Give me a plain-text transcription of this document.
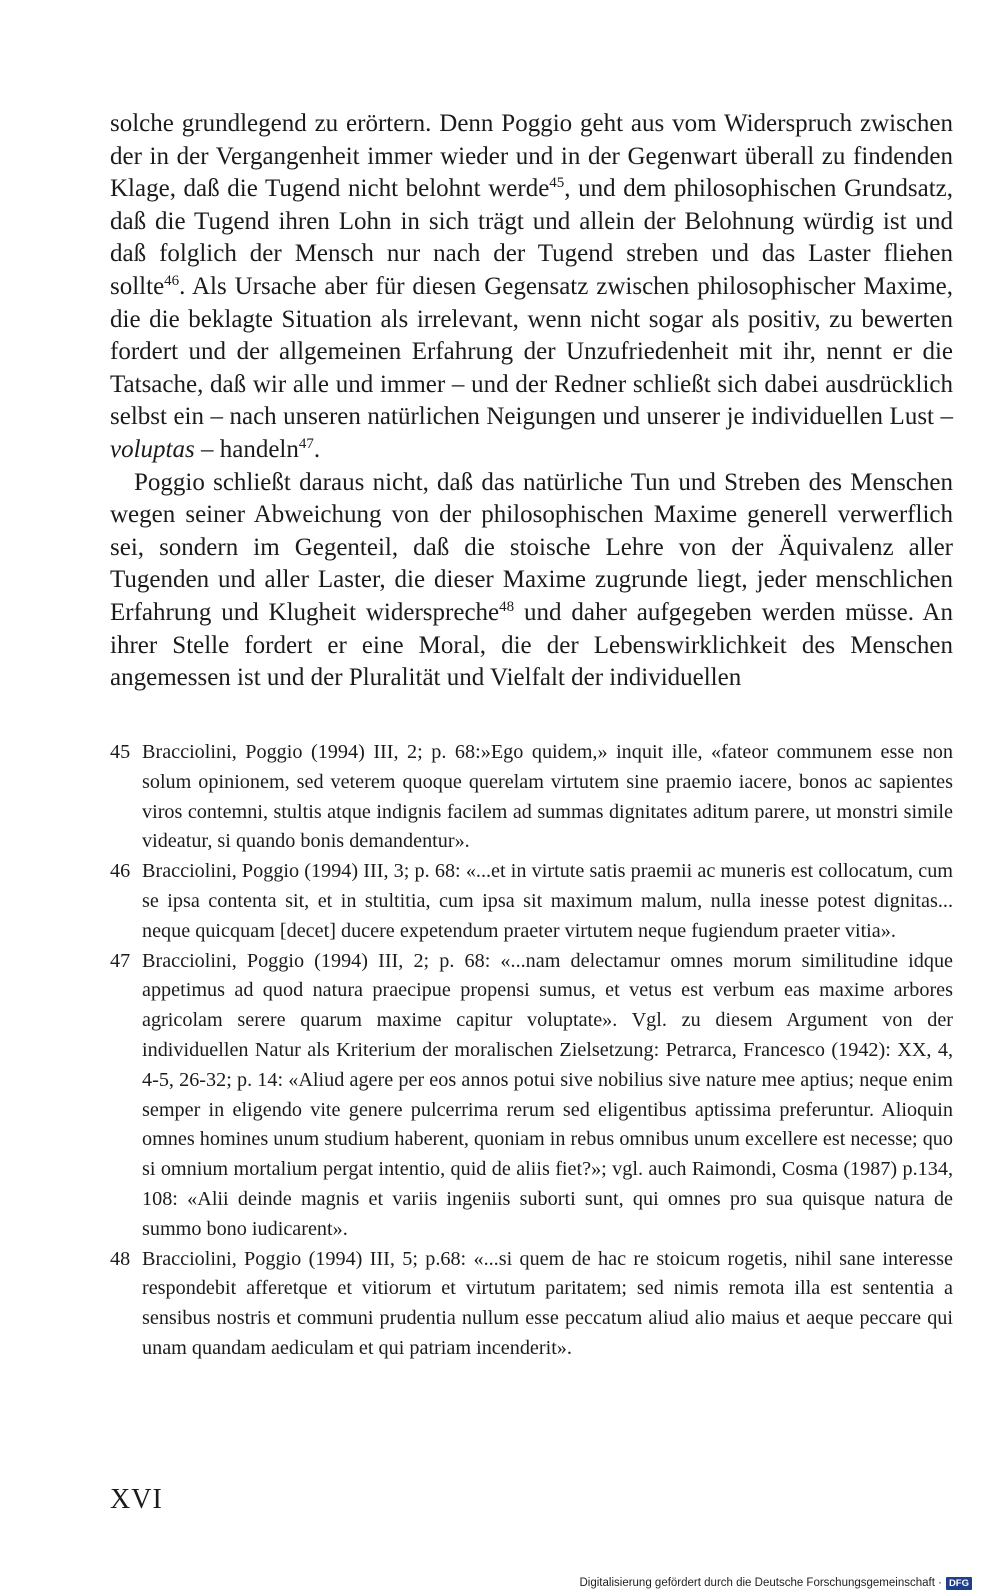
solche grundlegend zu erörtern. Denn Poggio geht aus vom Widerspruch zwischen der in der Vergangenheit immer wieder und in der Gegenwart überall zu findenden Klage, daß die Tugend nicht belohnt werde$^{45}$, und dem philosophischen Grundsatz, daß die Tugend ihren Lohn in sich trägt und allein der Belohnung würdig ist und daß folglich der Mensch nur nach der Tugend streben und das Laster fliehen sollte$^{46}$. Als Ursache aber für diesen Gegensatz zwischen philosophischer Maxime, die die beklagte Situation als irrelevant, wenn nicht sogar als positiv, zu bewerten fordert und der allgemeinen Erfahrung der Unzufriedenheit mit ihr, nennt er die Tatsache, daß wir alle und immer – und der Redner schließt sich dabei ausdrücklich selbst ein – nach unseren natürlichen Neigungen und unserer je individuellen Lust – voluptas – handeln$^{47}$.

Poggio schließt daraus nicht, daß das natürliche Tun und Streben des Menschen wegen seiner Abweichung von der philosophischen Maxime generell verwerflich sei, sondern im Gegenteil, daß die stoische Lehre von der Äquivalenz aller Tugenden und aller Laster, die dieser Maxime zugrunde liegt, jeder menschlichen Erfahrung und Klugheit widerspreche$^{48}$ und daher aufgegeben werden müsse. An ihrer Stelle fordert er eine Moral, die der Lebenswirklichkeit des Menschen angemessen ist und der Pluralität und Vielfalt der individuellen

45 Bracciolini, Poggio (1994) III, 2; p. 68:»Ego quidem,» inquit ille, «fateor communem esse non solum opinionem, sed veterem quoque querelam virtutem sine praemio iacere, bonos ac sapientes viros contemni, stultis atque indignis facilem ad summas dignitates aditum parere, ut monstri simile videatur, si quando bonis demandentur».

46 Bracciolini, Poggio (1994) III, 3; p. 68: «...et in virtute satis praemii ac muneris est collocatum, cum se ipsa contenta sit, et in stultitia, cum ipsa sit maximum malum, nulla inesse potest dignitas... neque quicquam [decet] ducere expetendum praeter virtutem neque fugiendum praeter vitia».

47 Bracciolini, Poggio (1994) III, 2; p. 68: «...nam delectamur omnes morum similitudine idque appetimus ad quod natura praecipue propensi sumus, et vetus est verbum eas maxime arbores agricolam serere quarum maxime capitur voluptate». Vgl. zu diesem Argument von der individuellen Natur als Kriterium der moralischen Zielsetzung: Petrarca, Francesco (1942): XX, 4, 4-5, 26-32; p. 14: «Aliud agere per eos annos potui sive nobilius sive nature mee aptius; neque enim semper in eligendo vite genere pulcerrima rerum sed eligentibus aptissima preferuntur. Alioquin omnes homines unum studium haberent, quoniam in rebus omnibus unum excellere est necesse; quo si omnium mortalium pergat intentio, quid de aliis fiet?»; vgl. auch Raimondi, Cosma (1987) p.134, 108: «Alii deinde magnis et variis ingeniis suborti sunt, qui omnes pro sua quisque natura de summo bono iudicarent».

48 Bracciolini, Poggio (1994) III, 5; p.68: «...si quem de hac re stoicum rogetis, nihil sane interesse respondebit afferetque et vitiorum et virtutum paritatem; sed nimis remota illa est sententia a sensibus nostris et communi prudentia nullum esse peccatum aliud alio maius et aeque peccare qui unam quandam aediculam et qui patriam incenderit».

XVI
Digitalisierung gefördert durch die Deutsche Forschungsgemeinschaft · DFG
